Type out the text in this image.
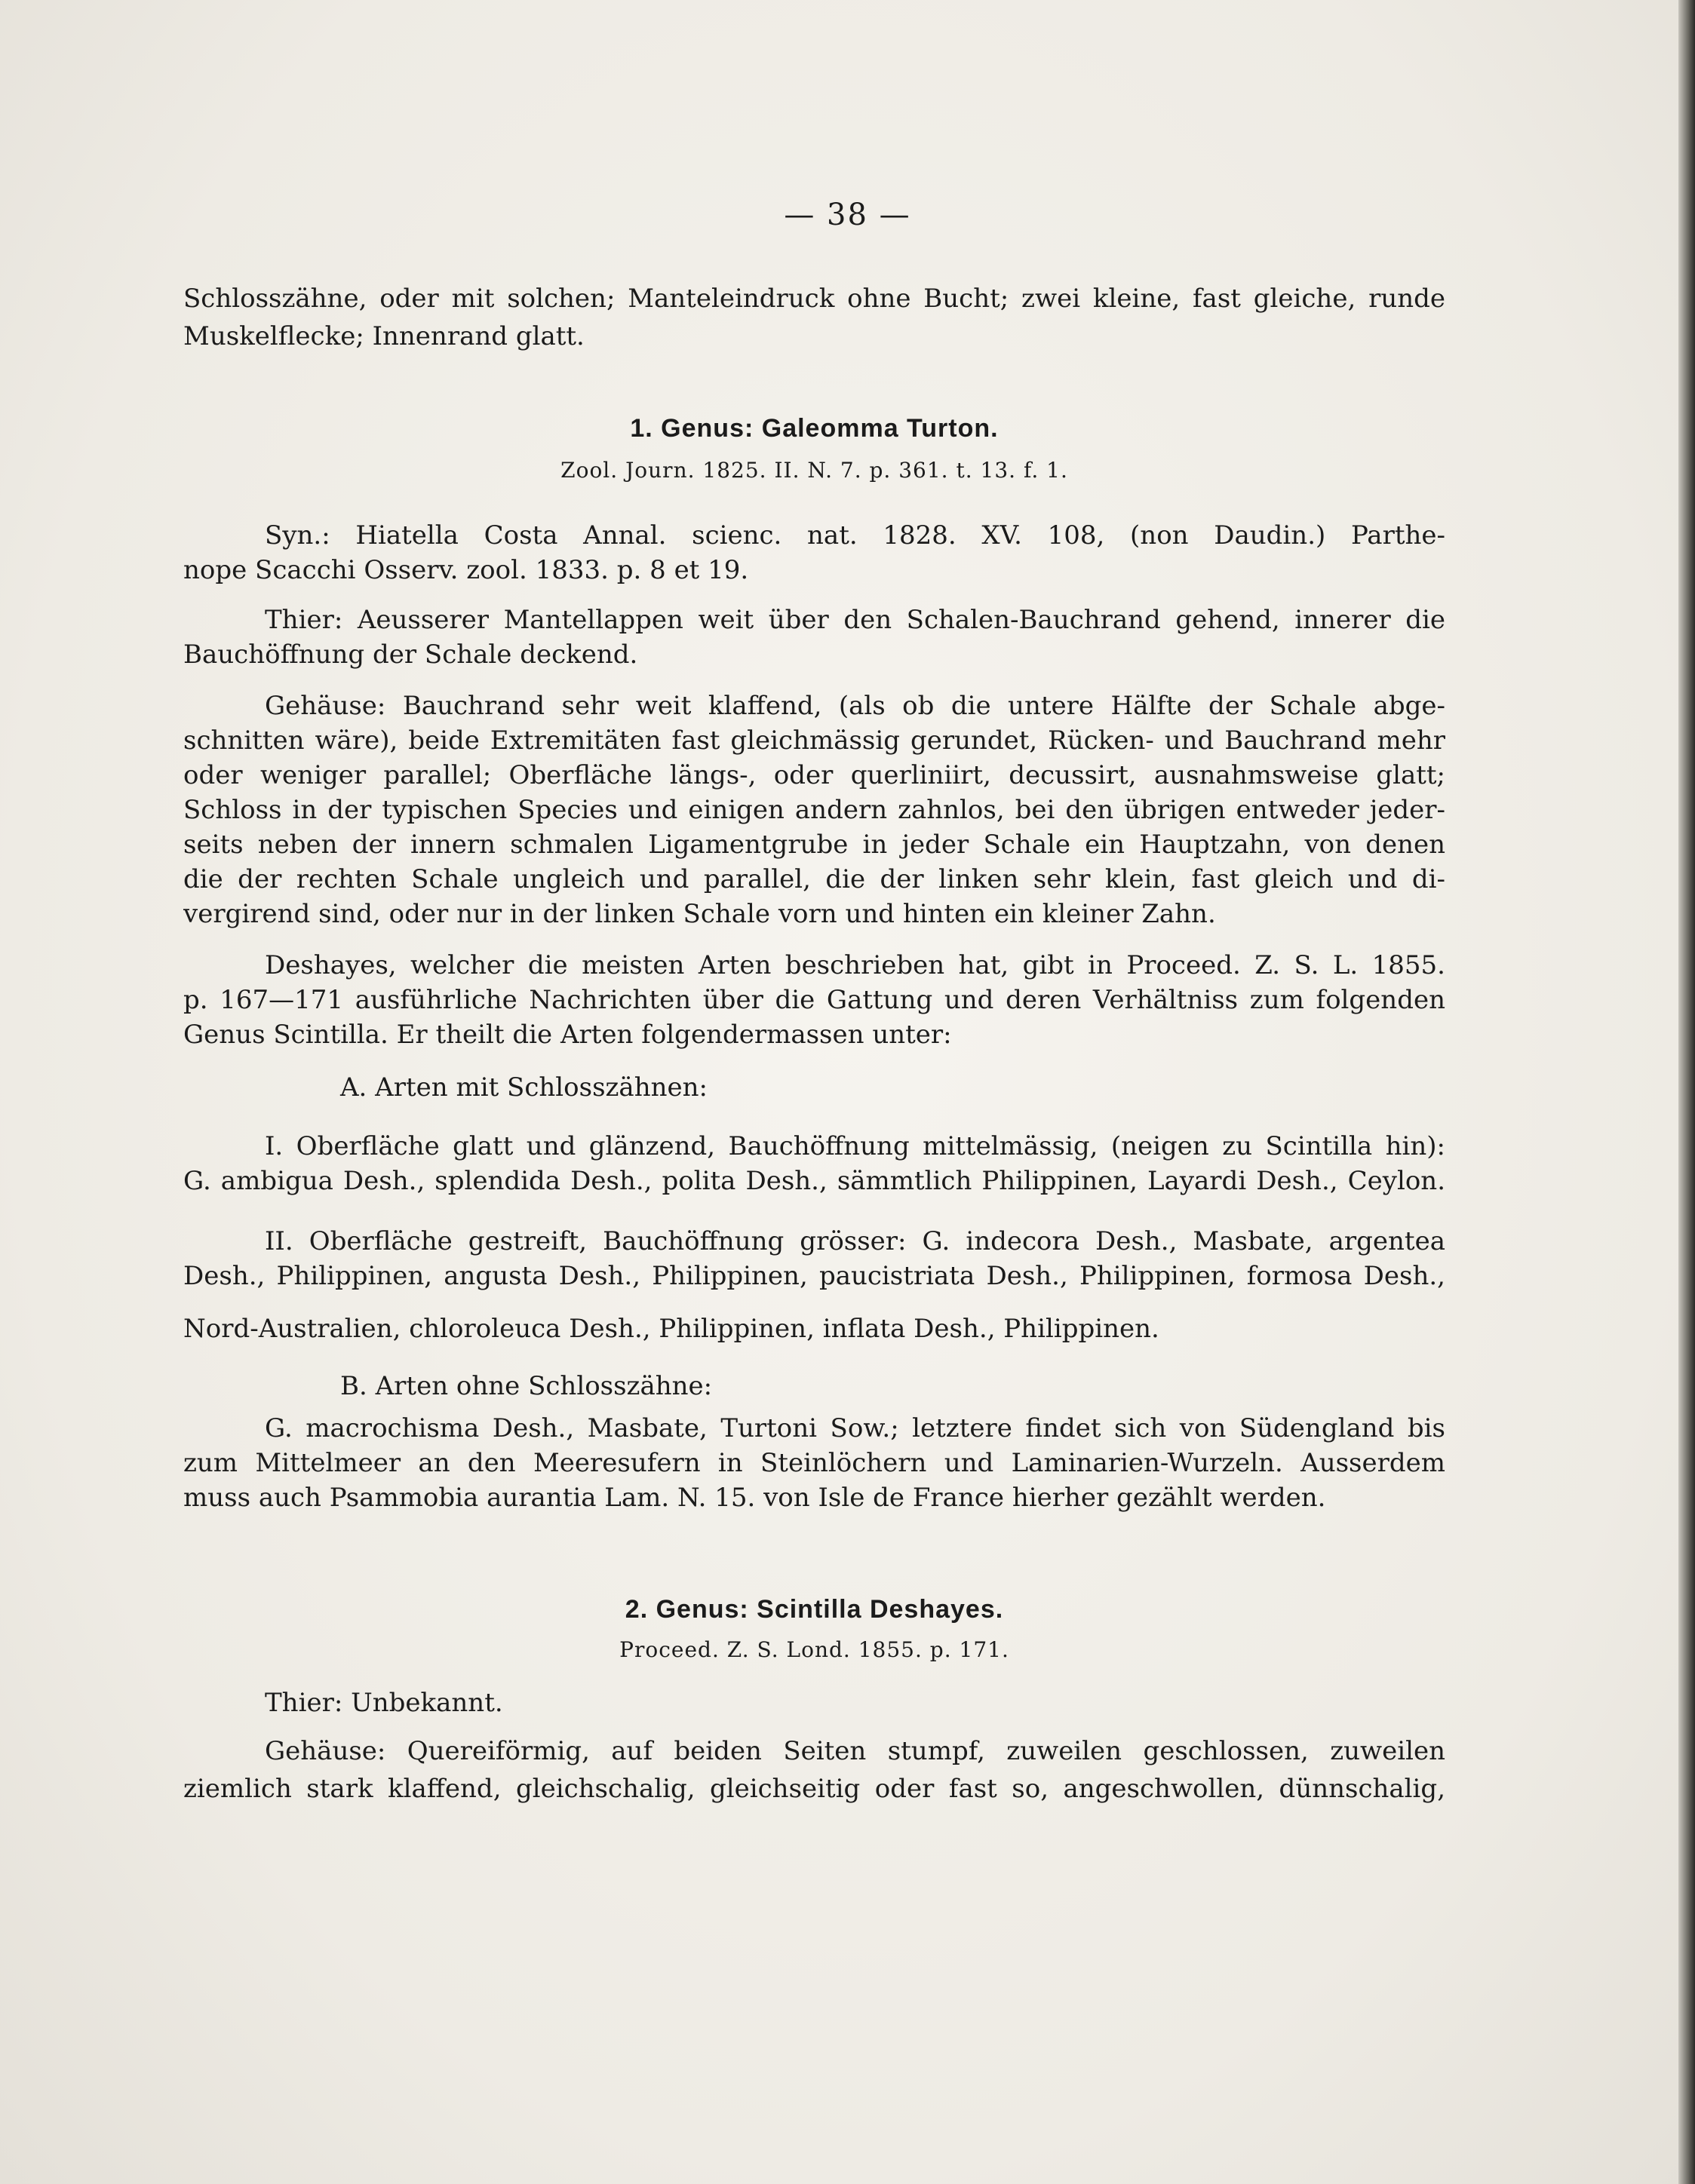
— 38 —
Schlosszähne, oder mit solchen; Manteleindruck ohne Bucht; zwei kleine, fast gleiche, runde
Muskelflecke; Innenrand glatt.
1. Genus: Galeomma Turton.
Zool. Journ. 1825. II. N. 7. p. 361. t. 13. f. 1.
Syn.: Hiatella Costa Annal. scienc. nat. 1828. XV. 108, (non Daudin.) Parthe-
nope Scacchi Osserv. zool. 1833. p. 8 et 19.
Thier: Aeusserer Mantellappen weit über den Schalen-Bauchrand gehend, innerer die
Bauchöffnung der Schale deckend.
Gehäuse: Bauchrand sehr weit klaffend, (als ob die untere Hälfte der Schale abge-
schnitten wäre), beide Extremitäten fast gleichmässig gerundet, Rücken- und Bauchrand mehr
oder weniger parallel; Oberfläche längs-, oder querliniirt, decussirt, ausnahmsweise glatt;
Schloss in der typischen Species und einigen andern zahnlos, bei den übrigen entweder jeder-
seits neben der innern schmalen Ligamentgrube in jeder Schale ein Hauptzahn, von denen
die der rechten Schale ungleich und parallel, die der linken sehr klein, fast gleich und di-
vergirend sind, oder nur in der linken Schale vorn und hinten ein kleiner Zahn.
Deshayes, welcher die meisten Arten beschrieben hat, gibt in Proceed. Z. S. L. 1855.
p. 167—171 ausführliche Nachrichten über die Gattung und deren Verhältniss zum folgenden
Genus Scintilla. Er theilt die Arten folgendermassen unter:
A. Arten mit Schlosszähnen:
I. Oberfläche glatt und glänzend, Bauchöffnung mittelmässig, (neigen zu Scintilla hin):
G. ambigua Desh., splendida Desh., polita Desh., sämmtlich Philippinen, Layardi Desh., Ceylon.
II. Oberfläche gestreift, Bauchöffnung grösser: G. indecora Desh., Masbate, argentea
Desh., Philippinen, angusta Desh., Philippinen, paucistriata Desh., Philippinen, formosa Desh.,
Nord-Australien, chloroleuca Desh., Philippinen, inflata Desh., Philippinen.
B. Arten ohne Schlosszähne:
G. macrochisma Desh., Masbate, Turtoni Sow.; letztere findet sich von Südengland bis
zum Mittelmeer an den Meeresufern in Steinlöchern und Laminarien-Wurzeln. Ausserdem
muss auch Psammobia aurantia Lam. N. 15. von Isle de France hierher gezählt werden.
2. Genus: Scintilla Deshayes.
Proceed. Z. S. Lond. 1855. p. 171.
Thier: Unbekannt.
Gehäuse: Quereiförmig, auf beiden Seiten stumpf, zuweilen geschlossen, zuweilen
ziemlich stark klaffend, gleichschalig, gleichseitig oder fast so, angeschwollen, dünnschalig,
